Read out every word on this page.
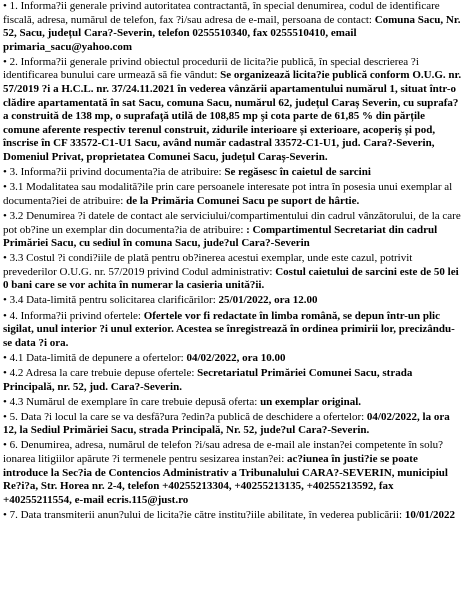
• 1. Informa?ii generale privind autoritatea contractantă, în special denumirea, codul de identificare fiscală, adresa, numărul de telefon, fax ?i/sau adresa de e-mail, persoana de contact: Comuna Sacu, Nr. 52, Sacu, județul Cara?-Severin, telefon 0255510340, fax 0255510410, email primaria_sacu@yahoo.com
• 2. Informa?ii generale privind obiectul procedurii de licita?ie publică, în special descrierea ?i identificarea bunului care urmează să fie vândut: Se organizează licita?ie publică conform O.U.G. nr. 57/2019 ?i a H.C.L. nr. 37/24.11.2021 în vederea vânzării apartamentului numărul 1, situat într-o clădire apartamentată în sat Sacu, comuna Sacu, numărul 62, județul Caraș Severin, cu suprafa?a construită de 138 mp, o suprafaţă utilă de 108,85 mp şi cota parte de 61,85 % din părțile comune aferente respectiv terenul construit, zidurile interioare și exterioare, acoperiș și pod, înscrise în CF 33572-C1-U1 Sacu, având număr cadastral 33572-C1-U1, jud. Cara?-Severin, Domeniul Privat, proprietatea Comunei Sacu, județul Caraș-Severin.
• 3. Informa?ii privind documenta?ia de atribuire: Se regăsesc în caietul de sarcini
• 3.1 Modalitatea sau modalită?ile prin care persoanele interesate pot intra în posesia unui exemplar al documenta?iei de atribuire: de la Primăria Comunei Sacu pe suport de hârtie.
• 3.2 Denumirea ?i datele de contact ale serviciului/compartimentului din cadrul vânzătorului, de la care pot ob?ine un exemplar din documenta?ia de atribuire: : Compartimentul Secretariat din cadrul Primăriei Sacu, cu sediul în comuna Sacu, jude?ul Cara?-Severin
• 3.3 Costul ?i condi?iile de plată pentru ob?inerea acestui exemplar, unde este cazul, potrivit prevederilor O.U.G. nr. 57/2019 privind Codul administrativ: Costul caietului de sarcini este de 50 lei 0 bani care se vor achita în numerar la casieria unită?ii.
• 3.4 Data-limită pentru solicitarea clarificărilor: 25/01/2022, ora 12.00
• 4. Informa?ii privind ofertele: Ofertele vor fi redactate în limba română, se depun într-un plic sigilat, unul interior ?i unul exterior. Acestea se înregistrează în ordinea primirii lor, precizându-se data ?i ora.
• 4.1 Data-limită de depunere a ofertelor: 04/02/2022, ora 10.00
• 4.2 Adresa la care trebuie depuse ofertele: Secretariatul Primăriei Comunei Sacu, strada Principală, nr. 52, jud. Cara?-Severin.
• 4.3 Numărul de exemplare în care trebuie depusă oferta: un exemplar original.
• 5. Data ?i locul la care se va desfă?ura ?edin?a publică de deschidere a ofertelor: 04/02/2022, la ora 12, la Sediul Primăriei Sacu, strada Principală, Nr. 52, jude?ul Cara?-Severin.
• 6. Denumirea, adresa, numărul de telefon ?i/sau adresa de e-mail ale instan?ei competente în solu?ionarea litigiilor apărute ?i termenele pentru sesizarea instan?ei: ac?iunea în justi?ie se poate introduce la Sec?ia de Contencios Administrativ a Tribunalului CARA?-SEVERIN, municipiul Re?i?a, Str. Horea nr. 2-4, telefon +40255213304, +40255213135, +40255213592, fax +40255211554, e-mail ecris.115@just.ro
• 7. Data transmiterii anun?ului de licita?ie către institu?iile abilitate, în vederea publicării: 10/01/2022
